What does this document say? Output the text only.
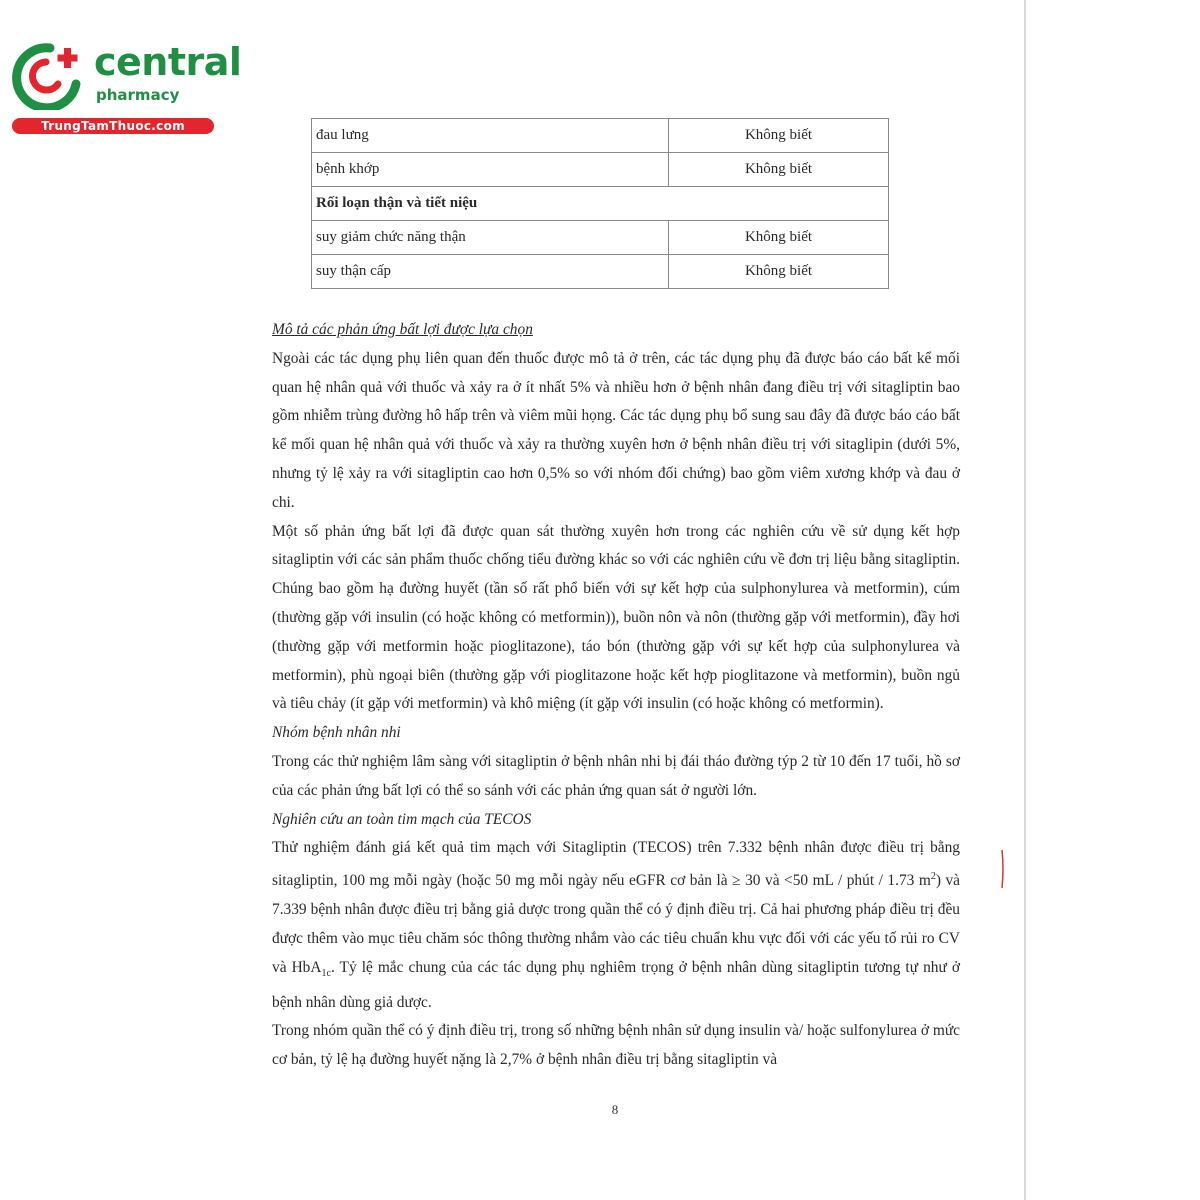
central
pharmacy
TrungTamThuoc.com
đau lưng	Không biết
bệnh khớp	Không biết
Rối loạn thận và tiết niệu	
suy giảm chức năng thận	Không biết
suy thận cấp	Không biết

Mô tả các phản ứng bất lợi được lựa chọn

Ngoài các tác dụng phụ liên quan đến thuốc được mô tả ở trên, các tác dụng phụ đã được báo cáo bất kể mối quan hệ nhân quả với thuốc và xảy ra ở ít nhất 5% và nhiều hơn ở bệnh nhân đang điều trị với sitagliptin bao gồm nhiễm trùng đường hô hấp trên và viêm mũi họng. Các tác dụng phụ bổ sung sau đây đã được báo cáo bất kể mối quan hệ nhân quả với thuốc và xảy ra thường xuyên hơn ở bệnh nhân điều trị với sitaglipin (dưới 5%, nhưng tỷ lệ xảy ra với sitagliptin cao hơn 0,5% so với nhóm đối chứng) bao gồm viêm xương khớp và đau ở chi.

Một số phản ứng bất lợi đã được quan sát thường xuyên hơn trong các nghiên cứu về sử dụng kết hợp sitagliptin với các sản phẩm thuốc chống tiểu đường khác so với các nghiên cứu về đơn trị liệu bằng sitagliptin. Chúng bao gồm hạ đường huyết (tần số rất phổ biến với sự kết hợp của sulphonylurea và metformin), cúm (thường gặp với insulin (có hoặc không có metformin)), buồn nôn và nôn (thường gặp với metformin), đầy hơi (thường gặp với metformin hoặc pioglitazone), táo bón (thường gặp với sự kết hợp của sulphonylurea và metformin), phù ngoại biên (thường gặp với pioglitazone hoặc kết hợp pioglitazone và metformin), buồn ngủ và tiêu chảy (ít gặp với metformin) và khô miệng (ít gặp với insulin (có hoặc không có metformin).

Nhóm bệnh nhân nhi

Trong các thử nghiệm lâm sàng với sitagliptin ở bệnh nhân nhi bị đái tháo đường týp 2 từ 10 đến 17 tuổi, hồ sơ của các phản ứng bất lợi có thể so sánh với các phản ứng quan sát ở người lớn.

Nghiên cứu an toàn tim mạch của TECOS

Thử nghiệm đánh giá kết quả tim mạch với Sitagliptin (TECOS) trên 7.332 bệnh nhân được điều trị bằng sitagliptin, 100 mg mỗi ngày (hoặc 50 mg mỗi ngày nếu eGFR cơ bản là ≥ 30 và <50 mL / phút / 1.73 $m^2$) và 7.339 bệnh nhân được điều trị bằng giả dược trong quần thể có ý định điều trị. Cả hai phương pháp điều trị đều được thêm vào mục tiêu chăm sóc thông thường nhắm vào các tiêu chuẩn khu vực đối với các yếu tố rủi ro CV và HbA$_{1c}$. Tỷ lệ mắc chung của các tác dụng phụ nghiêm trọng ở bệnh nhân dùng sitagliptin tương tự như ở bệnh nhân dùng giả dược.

Trong nhóm quần thể có ý định điều trị, trong số những bệnh nhân sử dụng insulin và/ hoặc sulfonylurea ở mức cơ bản, tỷ lệ hạ đường huyết nặng là 2,7% ở bệnh nhân điều trị bằng sitagliptin và

8
